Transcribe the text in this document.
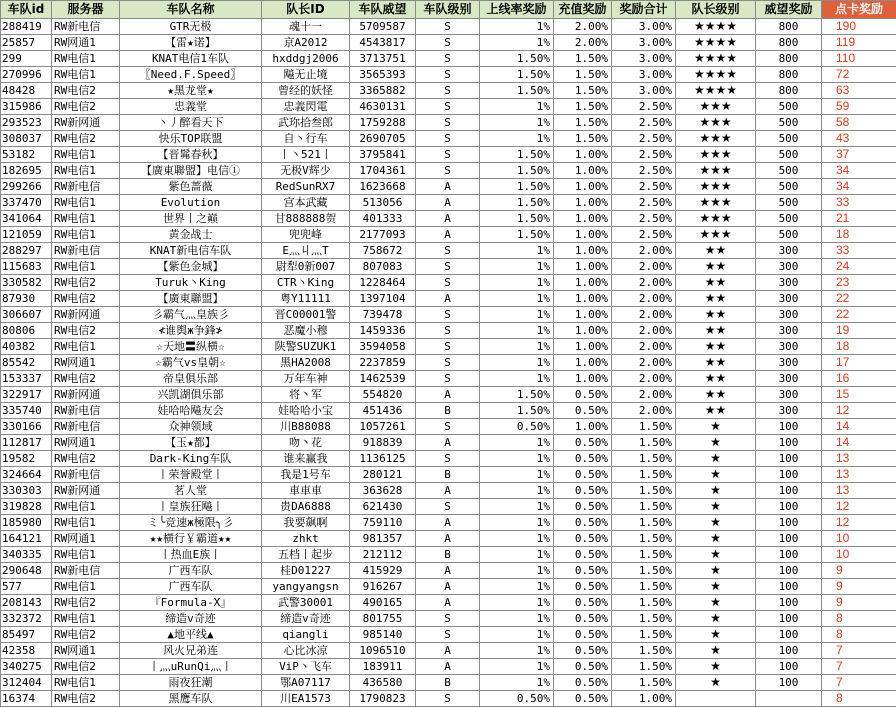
车队id	服务器	车队名称	队长ID	车队威望	车队级别	上线率奖励	充值奖励	奖励合计	队长级别	威望奖励	点卡奖励
288419	RW新电信	GTR无极	魂十一	5709587	S	1%	2.00%	3.00%	★★★★	800	190
25857	RW网通1	【雷★诺】	京A2012	4543817	S	1%	2.00%	3.00%	★★★★	800	119
299	RW电信1	KNAT电信1车队	hxddgj2006	3713751	S	1.50%	1.50%	3.00%	★★★★	800	110
270996	RW电信1	〖Need.F.Speed〗	飚无止境	3565393	S	1.50%	1.50%	3.00%	★★★★	800	72
48428	RW电信2	★黑龙堂★	曾经的妖怪	3365882	S	1.50%	1.50%	3.00%	★★★★	800	63
315986	RW电信2	忠義堂	忠義閃電	4630131	S	1%	1.50%	2.50%	★★★	500	59
293523	RW新网通	丶丿醉看天下	武珎拾叁郎	1759288	S	1%	1.50%	2.50%	★★★	500	58
308037	RW电信2	快乐TOP联盟	自丶行车	2690705	S	1%	1.50%	2.50%	★★★	500	43
53182	RW电信1	【晋髴春秋】	丨丶521丨	3795841	S	1.50%	1.00%	2.50%	★★★	500	37
182695	RW电信1	【廣東聯盟】电信①	无极V辉少	1704361	S	1.50%	1.00%	2.50%	★★★	500	34
299266	RW新电信	紫色蔷薇	RedSunRX7	1623668	A	1.50%	1.00%	2.50%	★★★	500	34
337470	RW电信1	Evolution	宫本武藏	513056	A	1.50%	1.00%	2.50%	★★★	500	33
341064	RW电信1	世界丨之巅	甘888888贺	401333	A	1.50%	1.00%	2.50%	★★★	500	21
121059	RW电信1	黄金战士	兜兜峰	2177093	A	1.50%	1.00%	2.50%	★★★	500	18
288297	RW新电信	KNAT新电信车队	E灬丩灬T	758672	S	1%	1.00%	2.00%	★★	300	33
115683	RW电信1	【紫色金城】	尉犁0新007	807083	S	1%	1.00%	2.00%	★★	300	24
330582	RW电信2	Turuk丶King	CTR丶King	1228464	S	1%	1.00%	2.00%	★★	300	23
87930	RW电信2	【廣東聯盟】	粤Y11111	1397104	A	1%	1.00%	2.00%	★★	300	22
306607	RW新网通	彡霸气灬皇族彡	晋C00001警	739478	S	1%	1.00%	2.00%	★★	300	22
80806	RW电信2	≮谁舆ж争鋒≯	恶魔小穆	1459336	S	1%	1.00%	2.00%	★★	300	19
40382	RW电信1	☆天地〓纵横☆	陕警SUZUK1	3594058	S	1%	1.00%	2.00%	★★	300	18
85542	RW网通1	☆霸气vs皇朝☆	黑HA2008	2237859	S	1%	1.00%	2.00%	★★	300	17
153337	RW电信2	帝皇俱乐部	万年车神	1462539	S	1%	1.00%	2.00%	★★	300	16
322917	RW新网通	兴凯湖俱乐部	将丶军	554820	A	1.50%	0.50%	2.00%	★★	300	15
335740	RW新电信	娃哈哈飚友会	娃哈哈小宝	451436	B	1.50%	0.50%	2.00%	★★	300	12
330166	RW新电信	众神领域	川B88088	1057261	S	0.50%	1.00%	1.50%	★	100	14
112817	RW网通1	【玉★都】	吻丶花	918839	A	1%	0.50%	1.50%	★	100	14
19582	RW电信2	Dark-King车队	谁来赢我	1136125	S	1%	0.50%	1.50%	★	100	13
324664	RW新电信	丨荣誉殿堂丨	我是1号车	280121	B	1%	0.50%	1.50%	★	100	13
330303	RW新网通	茗人堂	車車車	363628	A	1%	0.50%	1.50%	★	100	13
319828	RW电信1	丨皇族狂飚丨	贵DA6888	621430	S	1%	0.50%	1.50%	★	100	12
185980	RW电信1	ミ╰竞速ж極限╮彡	我要飙啊	759110	A	1%	0.50%	1.50%	★	100	12
164121	RW网通1	★★横行￥霸道★★	zhkt	981357	A	1%	0.50%	1.50%	★	100	10
340335	RW电信1	丨热血E族丨	五档丨起步	212112	B	1%	0.50%	1.50%	★	100	10
290648	RW新电信	广西车队	桂D01227	415929	A	1%	0.50%	1.50%	★	100	9
577	RW电信1	广西车队	yangyangsn	916267	A	1%	0.50%	1.50%	★	100	9
208143	RW电信2	『Formula-X』	武警30001	490165	A	1%	0.50%	1.50%	★	100	9
332372	RW电信1	缔造v奇迹	缔造v奇迹	801755	S	1%	0.50%	1.50%	★	100	8
85497	RW电信2	▲地平线▲	qiangli	985140	S	1%	0.50%	1.50%	★	100	8
42358	RW网通1	风火兄弟连	心比冰凉	1096510	A	1%	0.50%	1.50%	★	100	7
340275	RW电信2	丨灬uRunQi灬丨	ViP丶飞车	183911	A	1%	0.50%	1.50%	★	100	7
312404	RW电信1	雨夜狂潮	鄂A07117	436580	B	1%	0.50%	1.50%	★	100	7
16374	RW电信2	黑鹰车队	川EA1573	1790823	S	0.50%	0.50%	1.00%			8
